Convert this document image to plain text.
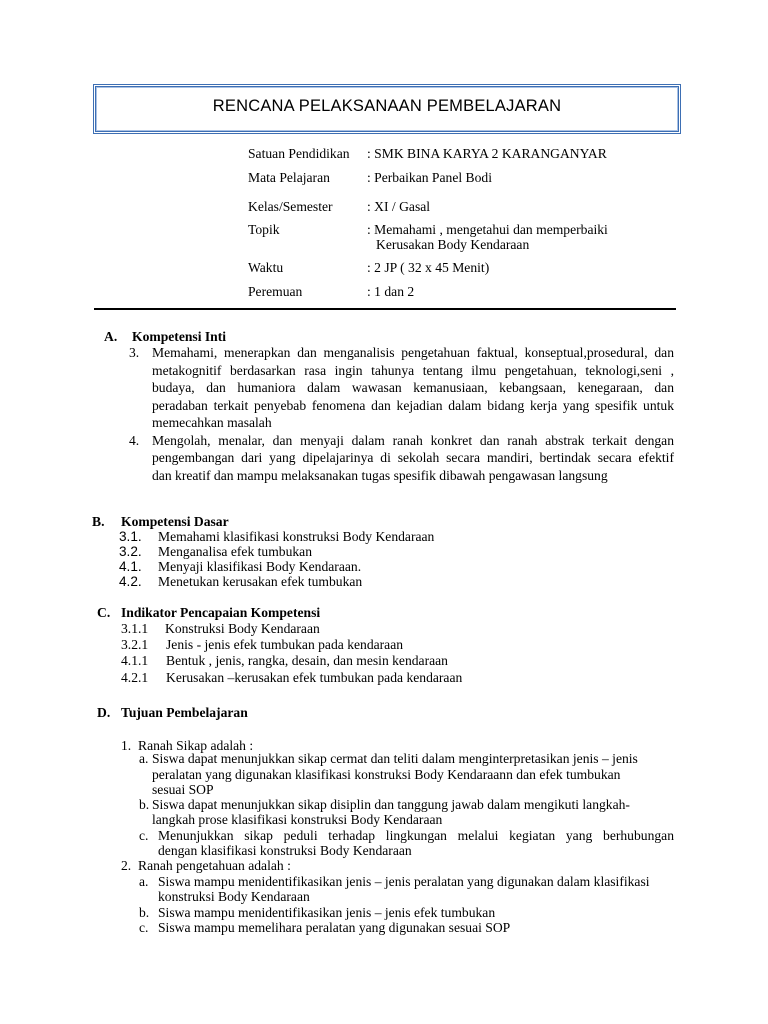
RENCANA PELAKSANAAN PEMBELAJARAN
Satuan Pendidikan : SMK BINA KARYA 2 KARANGANYAR
Mata Pelajaran	: Perbaikan Panel Bodi
Kelas/Semester	: XI / Gasal
Topik	: Memahami , mengetahui dan memperbaiki
Kerusakan Body Kendaraan
Waktu	: 2 JP ( 32 x 45 Menit)
Peremuan	: 1 dan 2
A. Kompetensi Inti
3. Memahami, menerapkan dan menganalisis pengetahuan faktual, konseptual,prosedural, dan
metakognitif berdasarkan rasa ingin tahunya tentang ilmu pengetahuan, teknologi,seni ,
budaya, dan humaniora dalam wawasan kemanusiaan, kebangsaan, kenegaraan, dan
peradaban terkait penyebab fenomena dan kejadian dalam bidang kerja yang spesifik untuk
memecahkan masalah
4. Mengolah, menalar, dan menyaji dalam ranah konkret dan ranah abstrak terkait dengan
pengembangan dari yang dipelajarinya di sekolah secara mandiri, bertindak secara efektif
dan kreatif dan mampu melaksanakan tugas spesifik dibawah pengawasan langsung
B. Kompetensi Dasar
3.1. Memahami klasifikasi konstruksi Body Kendaraan
3.2. Menganalisa efek tumbukan
4.1. Menyaji klasifikasi Body Kendaraan.
4.2. Menetukan kerusakan efek tumbukan
C. Indikator Pencapaian Kompetensi
3.1.1 Konstruksi Body Kendaraan
3.2.1 Jenis - jenis efek tumbukan pada kendaraan
4.1.1 Bentuk , jenis, rangka, desain, dan mesin kendaraan
4.2.1 Kerusakan –kerusakan efek tumbukan pada kendaraan
D. Tujuan Pembelajaran
1. Ranah Sikap adalah :
a. Siswa dapat menunjukkan sikap cermat dan teliti dalam menginterpretasikan jenis – jenis
peralatan yang digunakan klasifikasi konstruksi Body Kendaraann dan efek tumbukan
sesuai SOP
b. Siswa dapat menunjukkan sikap disiplin dan tanggung jawab dalam mengikuti langkah-
langkah prose klasifikasi konstruksi Body Kendaraan
c. Menunjukkan sikap peduli terhadap lingkungan melalui kegiatan yang berhubungan
dengan klasifikasi konstruksi Body Kendaraan
2. Ranah pengetahuan adalah :
a. Siswa mampu menidentifikasikan jenis – jenis peralatan yang digunakan dalam klasifikasi
konstruksi Body Kendaraan
b. Siswa mampu menidentifikasikan jenis – jenis efek tumbukan
c. Siswa mampu memelihara peralatan yang digunakan sesuai SOP
